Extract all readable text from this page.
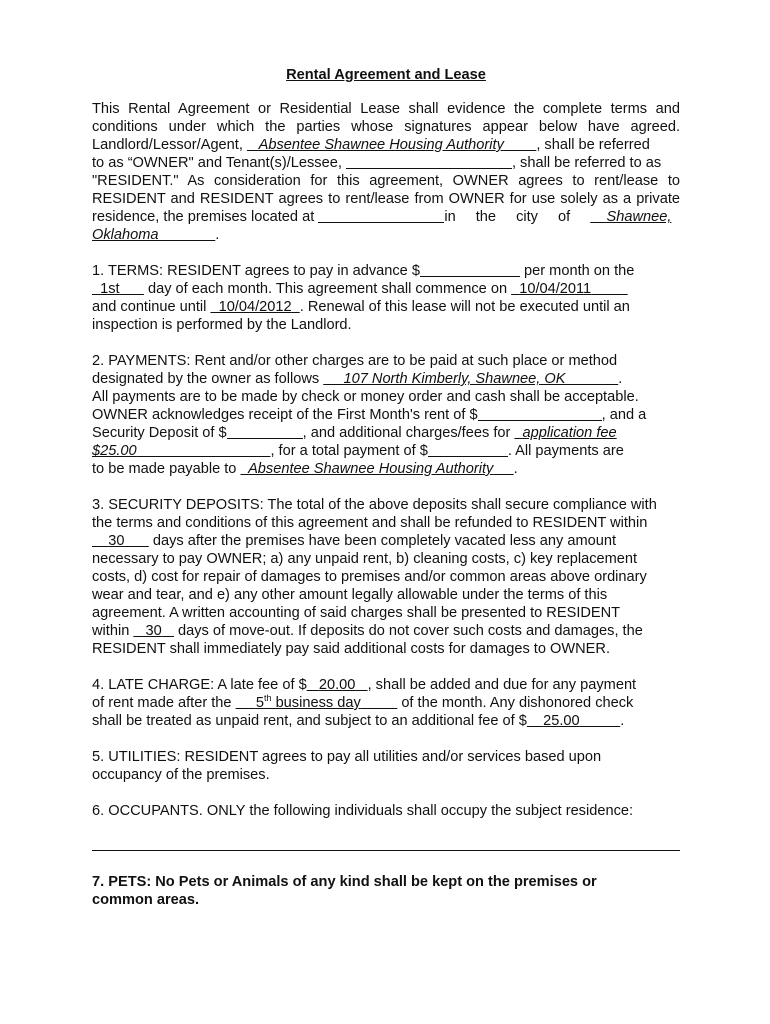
Rental Agreement and Lease

This Rental Agreement or Residential Lease shall evidence the complete terms and
conditions under which the parties whose signatures appear below have agreed.
Landlord/Lessor/Agent,    Absentee Shawnee Housing Authority , shall be referred
to as “OWNER" and Tenant(s)/Lessee,	, shall be referred to as
"RESIDENT." As consideration for this agreement, OWNER agrees to rent/lease to
RESIDENT and RESIDENT agrees to rent/lease from OWNER for use solely as a private
residence, the premises located at	in the city of     Shawnee,
Oklahoma	.

1. TERMS: RESIDENT agrees to pay in advance $	per month on the
1st       day of each month. This agreement shall commence on   10/04/2011
and continue until   10/04/2012 . Renewal of this lease will not be executed until an
inspection is performed by the Landlord.

2. PAYMENTS: Rent and/or other charges are to be paid at such place or method
designated by the owner as follows      107 North Kimberly, Shawnee, OK	.
All payments are to be made by check or money order and cash shall be acceptable.
OWNER acknowledges receipt of the First Month's rent of $	, and a
Security Deposit of $	, and additional charges/fees for   application fee
$25.00	, for a total payment of $	. All payments are
to be made payable to   Absentee Shawnee Housing Authority .

3. SECURITY DEPOSITS: The total of the above deposits shall secure compliance with
the terms and conditions of this agreement and shall be refunded to RESIDENT within
30       days after the premises have been completely vacated less any amount
necessary to pay OWNER; a) any unpaid rent, b) cleaning costs, c) key replacement
costs, d) cost for repair of damages to premises and/or common areas above ordinary
wear and tear, and e) any other amount legally allowable under the terms of this
agreement. A written accounting of said charges shall be presented to RESIDENT
within    30    days of move-out. If deposits do not cover such costs and damages, the
RESIDENT shall immediately pay said additional costs for damages to OWNER.

4. LATE CHARGE: A late fee of $ 20.00 , shall be added and due for any payment
of rent made after the      5th business day	of the month. Any dishonored check
shall be treated as unpaid rent, and subject to an additional fee of $ 25.00	.

5. UTILITIES: RESIDENT agrees to pay all utilities and/or services based upon
occupancy of the premises.

6. OCCUPANTS. ONLY the following individuals shall occupy the subject residence:

7. PETS: No Pets or Animals of any kind shall be kept on the premises or
common areas.
